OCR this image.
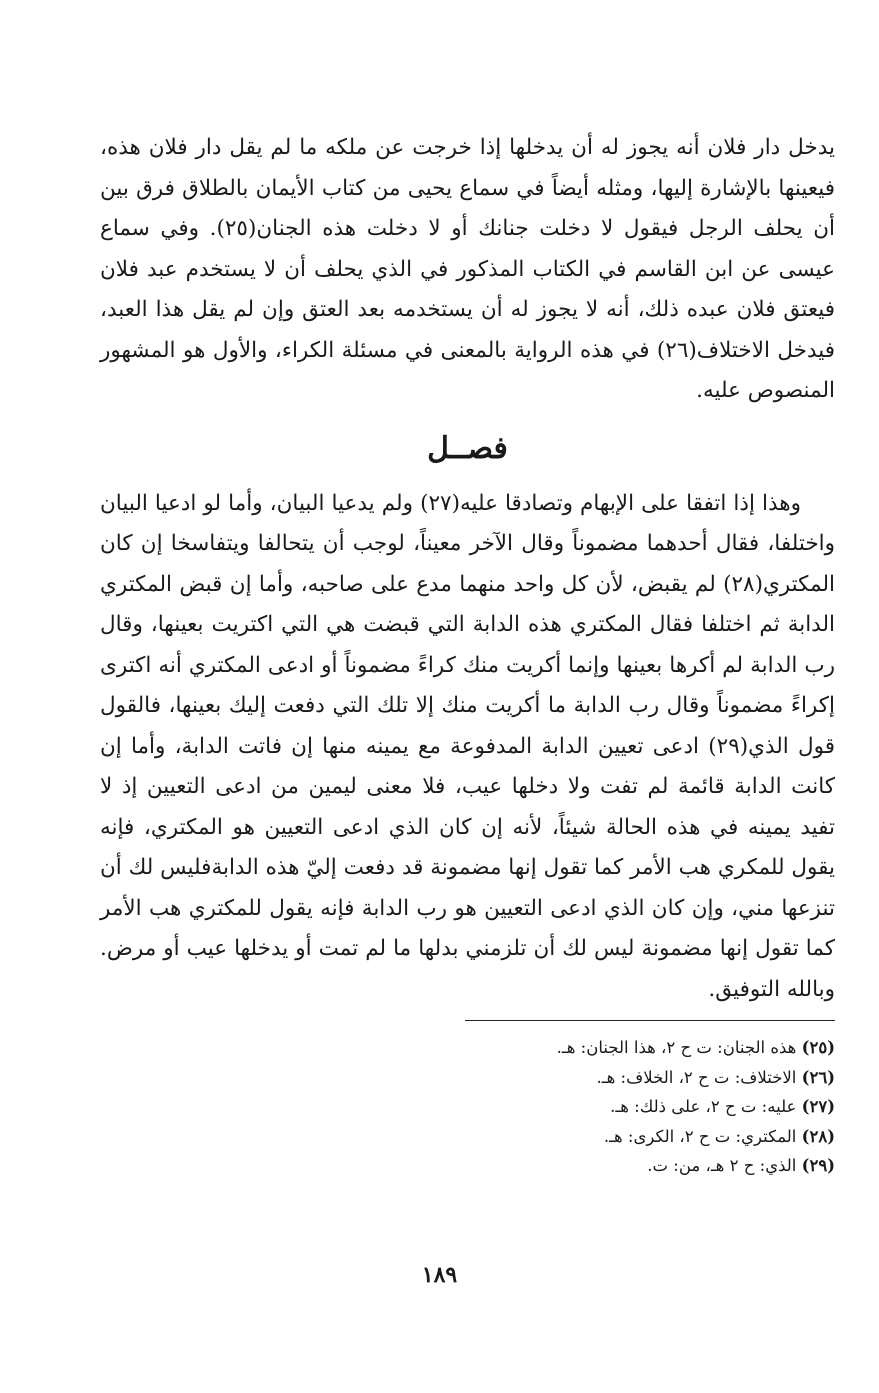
يدخل دار فلان أنه يجوز له أن يدخلها إذا خرجت عن ملكه ما لم يقل دار فلان هذه، فيعينها بالإشارة إليها، ومثله أيضاً في سماع يحيى من كتاب الأيمان بالطلاق فرق بين أن يحلف الرجل فيقول لا دخلت جنانك أو لا دخلت هذه الجنان(٢٥). وفي سماع عيسى عن ابن القاسم في الكتاب المذكور في الذي يحلف أن لا يستخدم عبد فلان فيعتق فلان عبده ذلك، أنه لا يجوز له أن يستخدمه بعد العتق وإن لم يقل هذا العبد، فيدخل الاختلاف(٢٦) في هذه الرواية بالمعنى في مسئلة الكراء، والأول هو المشهور المنصوص عليه.

فصــل

وهذا إذا اتفقا على الإبهام وتصادقا عليه(٢٧) ولم يدعيا البيان، وأما لو ادعيا البيان واختلفا، فقال أحدهما مضموناً وقال الآخر معيناً، لوجب أن يتحالفا ويتفاسخا إن كان المكتري(٢٨) لم يقبض، لأن كل واحد منهما مدع على صاحبه، وأما إن قبض المكتري الدابة ثم اختلفا فقال المكتري هذه الدابة التي قبضت هي التي اكتريت بعينها، وقال رب الدابة لم أكرها بعينها وإنما أكريت منك كراءً مضموناً أو ادعى المكتري أنه اكترى إكراءً مضموناً وقال رب الدابة ما أكريت منك إلا تلك التي دفعت إليك بعينها، فالقول قول الذي(٢٩) ادعى تعيين الدابة المدفوعة مع يمينه منها إن فاتت الدابة، وأما إن كانت الدابة قائمة لم تفت ولا دخلها عيب، فلا معنى ليمين من ادعى التعيين إذ لا تفيد يمينه في هذه الحالة شيئاً، لأنه إن كان الذي ادعى التعيين هو المكتري، فإنه يقول للمكري هب الأمر كما تقول إنها مضمونة قد دفعت إليّ هذه الدابةفليس لك أن تنزعها مني، وإن كان الذي ادعى التعيين هو رب الدابة فإنه يقول للمكتري هب الأمر كما تقول إنها مضمونة ليس لك أن تلزمني بدلها ما لم تمت أو يدخلها عيب أو مرض. وبالله التوفيق.

(٢٥) هذه الجنان: ت ح ٢، هذا الجنان: هـ.
(٢٦) الاختلاف: ت ح ٢، الخلاف: هـ.
(٢٧) عليه: ت ح ٢، على ذلك: هـ.
(٢٨) المكتري: ت ح ٢، الكرى: هـ.
(٢٩) الذي: ح ٢ هـ، من: ت.
١٨٩
